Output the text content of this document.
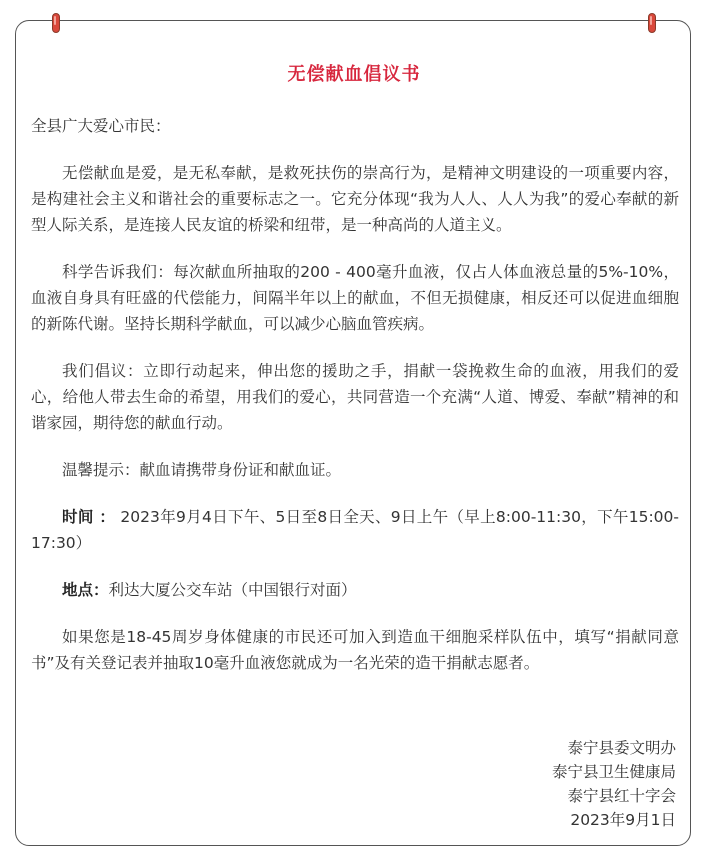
无偿献血倡议书

全县广大爱心市民：

无偿献血是爱，是无私奉献，是救死扶伤的崇高行为，是精神文明建设的一项重要内容，是构建社会主义和谐社会的重要标志之一。它充分体现“我为人人、人人为我”的爱心奉献的新型人际关系，是连接人民友谊的桥梁和纽带，是一种高尚的人道主义。

科学告诉我们：每次献血所抽取的200 - 400毫升血液，仅占人体血液总量的5%-10%，血液自身具有旺盛的代偿能力，间隔半年以上的献血，不但无损健康，相反还可以促进血细胞的新陈代谢。坚持长期科学献血，可以减少心脑血管疾病。

我们倡议：立即行动起来，伸出您的援助之手，捐献一袋挽救生命的血液，用我们的爱心，给他人带去生命的希望，用我们的爱心，共同营造一个充满“人道、博爱、奉献”精神的和谐家园，期待您的献血行动。

温馨提示：献血请携带身份证和献血证。

时间 ： 2023年9月4日下午、5日至8日全天、9日上午（早上8:00-11:30，下午15:00-17:30）

地点：利达大厦公交车站（中国银行对面）

如果您是18-45周岁身体健康的市民还可加入到造血干细胞采样队伍中，填写“捐献同意书”及有关登记表并抽取10毫升血液您就成为一名光荣的造干捐献志愿者。

泰宁县委文明办
泰宁县卫生健康局
泰宁县红十字会
2023年9月1日
